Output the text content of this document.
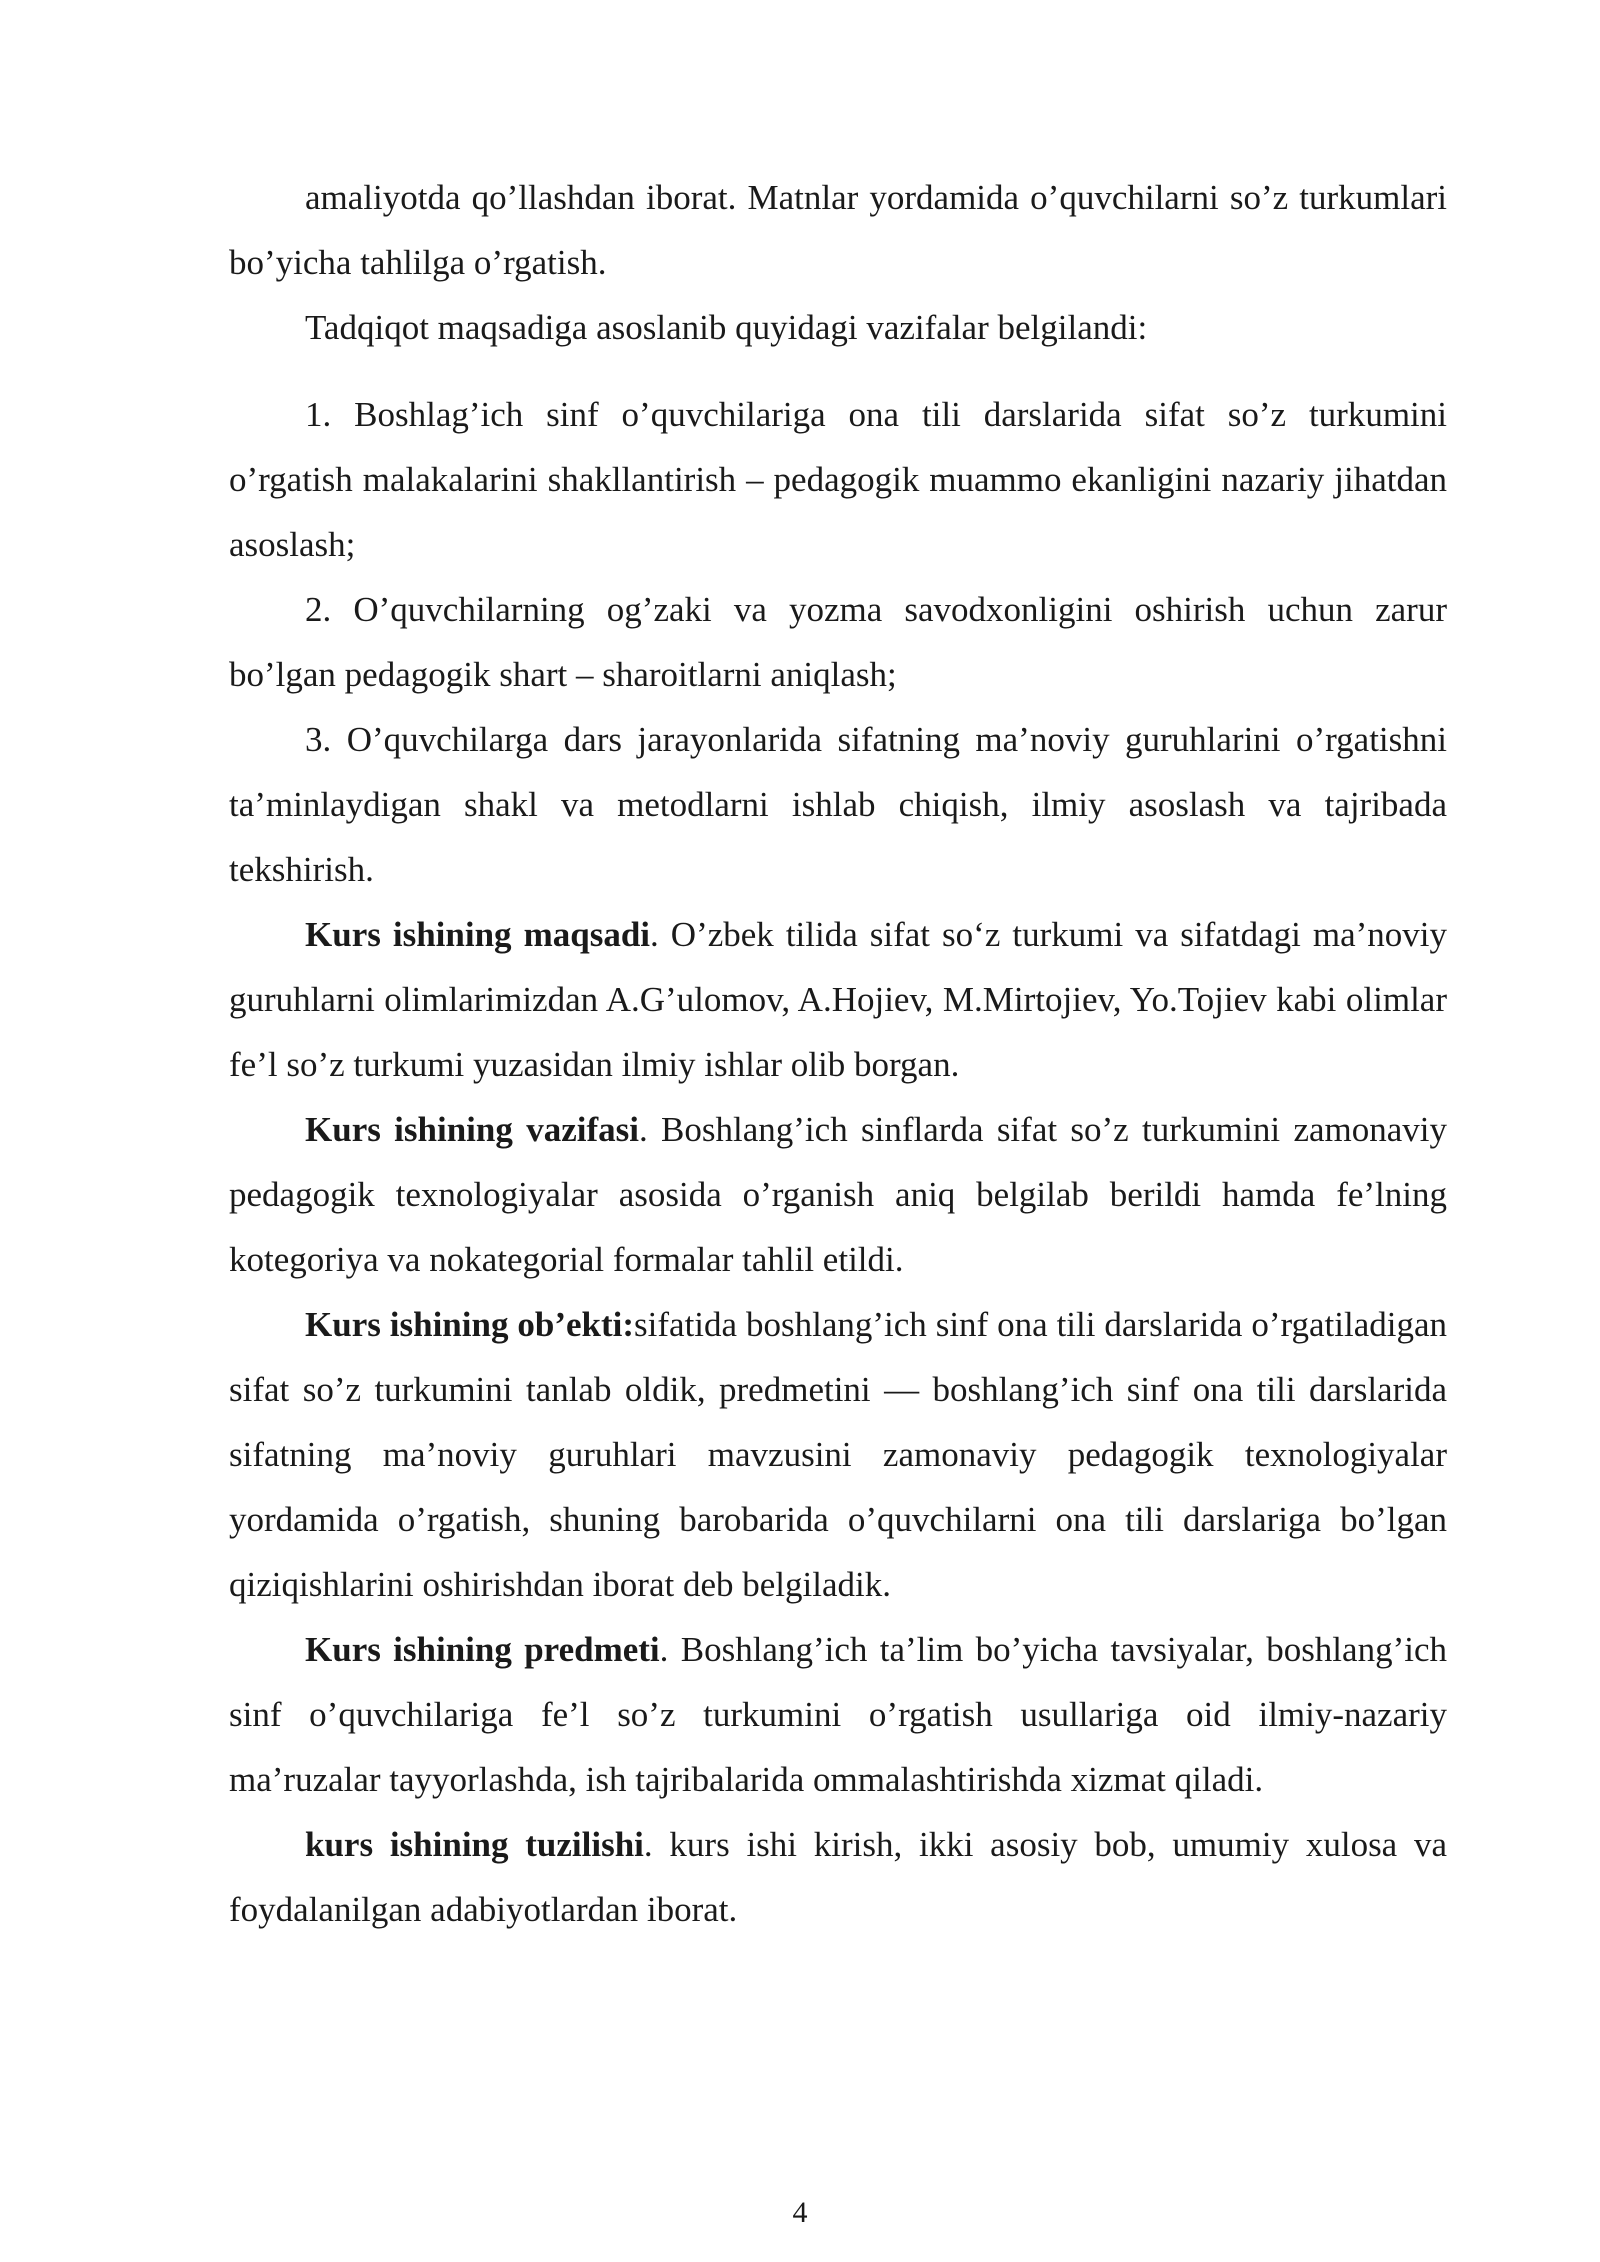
amaliyotda qo’llashdan iborat. Matnlar yordamida o’quvchilarni so’z turkumlari bo’yicha tahlilga o’rgatish.

Tadqiqot maqsadiga asoslanib quyidagi vazifalar belgilandi:

1. Boshlag’ich sinf o’quvchilariga ona tili darslarida sifat so’z turkumini o’rgatish malakalarini shakllantirish – pedagogik muammo ekanligini nazariy jihatdan asoslash;

2. O’quvchilarning og’zaki va yozma savodxonligini oshirish uchun zarur bo’lgan pedagogik shart – sharoitlarni aniqlash;

3. O’quvchilarga dars jarayonlarida sifatning ma’noviy guruhlarini o’rgatishni ta’minlaydigan shakl va metodlarni ishlab chiqish, ilmiy asoslash va tajribada tekshirish.

Kurs ishining maqsadi. O’zbek tilida sifat so‘z turkumi va sifatdagi ma’noviy guruhlarni olimlarimizdan A.G’ulomov, A.Hojiev, M.Mirtojiev, Yo.Tojiev kabi olimlar fe’l so’z turkumi yuzasidan ilmiy ishlar olib borgan.

Kurs ishining vazifasi. Boshlang’ich sinflarda sifat so’z turkumini zamonaviy pedagogik texnologiyalar asosida o’rganish aniq belgilab berildi hamda fe’lning kotegoriya va nokategorial formalar tahlil etildi.

Kurs ishining ob’ekti:sifatida boshlang’ich sinf ona tili darslarida o’rgatiladigan sifat so’z turkumini tanlab oldik, predmetini — boshlang’ich sinf ona tili darslarida sifatning ma’noviy guruhlari mavzusini zamonaviy pedagogik texnologiyalar yordamida o’rgatish, shuning barobarida o’quvchilarni ona tili darslariga bo’lgan qiziqishlarini oshirishdan iborat deb belgiladik.

Kurs ishining predmeti. Boshlang’ich ta’lim bo’yicha tavsiyalar, boshlang’ich sinf o’quvchilariga fe’l so’z turkumini o’rgatish usullariga oid ilmiy-nazariy ma’ruzalar tayyorlashda, ish tajribalarida ommalashtirishda xizmat qiladi.

kurs ishining tuzilishi. kurs ishi kirish, ikki asosiy bob, umumiy xulosa va foydalanilgan adabiyotlardan iborat.

4
